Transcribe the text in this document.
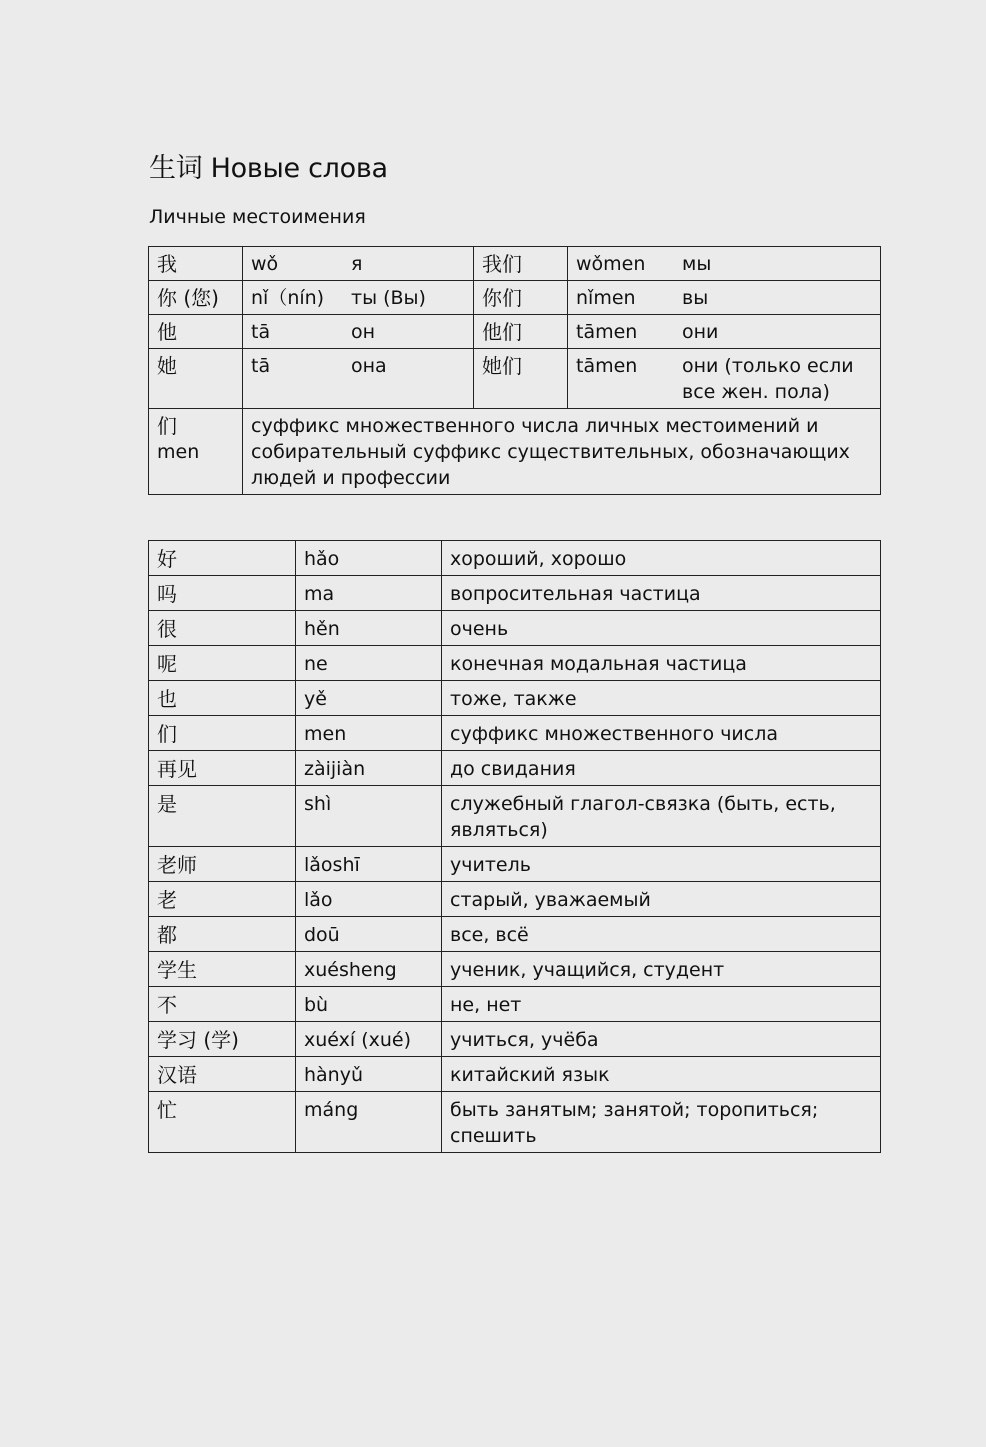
生词 Новые слова
Личные местоимения
我	wǒ я	我们	wǒmen мы

你 (您)	nǐ（nín) ты (Вы)	你们	nǐmen вы

他	tā он	他们	tāmen они

她	tā она	她们	tāmen они (только если все жен. пола)

们
men	суффикс множественного числа личных местоимений и собирательный суффикс существительных, обозначающих людей и профессии		
好	hǎo	хороший, хорошо
吗	ma	вопросительная частица
很	hěn	очень
呢	ne	конечная модальная частица
也	yě	тоже, также
们	men	суффикс множественного числа
再见	zàijiàn	до свидания
是	shì	служебный глагол-связка (быть, есть, являться)
老师	lǎoshī	учитель
老	lǎo	старый, уважаемый
都	doū	все, всё
学生	xuésheng	ученик, учащийся, студент
不	bù	не, нет
学习 (学)	xuéxí (xué)	учиться, учёба
汉语	hànyǔ	китайский язык
忙	máng	быть занятым; занятой; торопиться; спешить
